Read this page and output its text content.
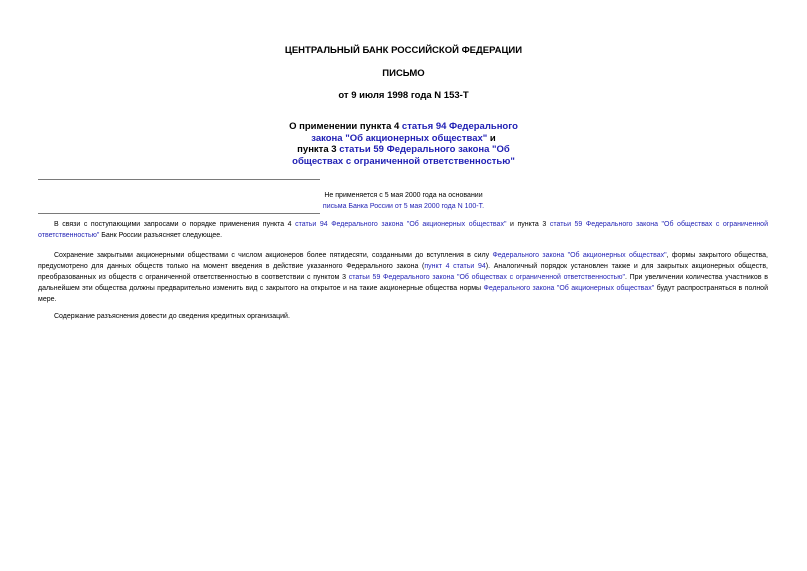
ЦЕНТРАЛЬНЫЙ БАНК РОССИЙСКОЙ ФЕДЕРАЦИИ
ПИСЬМО
от 9 июля 1998 года N 153-Т
О применении пункта 4 статья 94 Федерального
закона "Об акционерных обществах" и
пункта 3 статьи 59 Федерального закона "Об
обществах с ограниченной ответственностью"
Не применяется с 5 мая 2000 года на основании
письма Банка России от 5 мая 2000 года N 100-Т.
В связи с поступающими запросами о порядке применения пункта 4 статьи 94 Федерального закона "Об акционерных обществах" и пункта 3 статьи 59 Федерального закона "Об обществах с ограниченной ответственностью" Банк России разъясняет следующее.
Сохранение закрытыми акционерными обществами с числом акционеров более пятидесяти, созданными до вступления в силу Федерального закона "Об акционерных обществах", формы закрытого общества, предусмотрено для данных обществ только на момент введения в действие указанного Федерального закона (пункт 4 статьи 94). Аналогичный порядок установлен также и для закрытых акционерных обществ, преобразованных из обществ с ограниченной ответственностью в соответствии с пунктом 3 статьи 59 Федерального закона "Об обществах с ограниченной ответственностью". При увеличении количества участников в дальнейшем эти общества должны предварительно изменить вид с закрытого на открытое и на такие акционерные общества нормы Федерального закона "Об акционерных обществах" будут распространяться в полной мере.
Содержание разъяснения довести до сведения кредитных организаций.
